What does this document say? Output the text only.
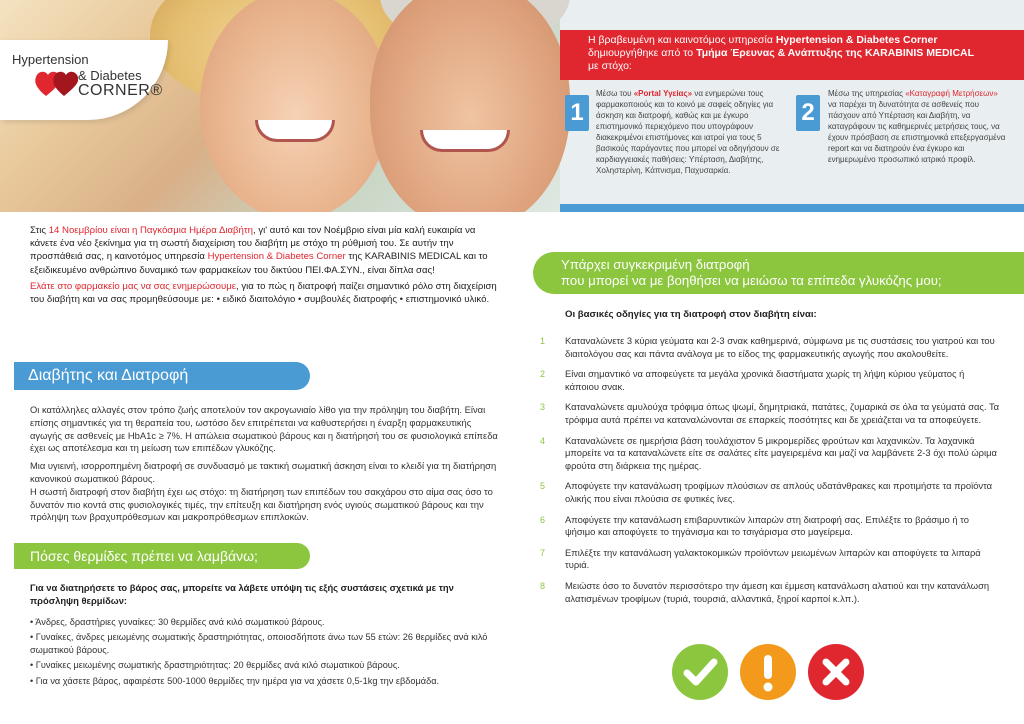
Hypertension
& Diabetes
CORNER®
Η βραβευμένη και καινοτόμος υπηρεσία Hypertension & Diabetes Corner
δημιουργήθηκε από το Τμήμα Έρευνας & Ανάπτυξης της KARABINIS MEDICAL
με στόχο:
1
Μέσω του «Portal Υγείας» να ενημερώνει τους φαρμακοποιούς και το κοινό με σαφείς οδηγίες για άσκηση και διατροφή, καθώς και με έγκυρο επιστημονικό περιεχόμενο που υπογράφουν διακεκριμένοι επιστήμονες και ιατροί για τους 5 βασικούς παράγοντες που μπορεί να οδηγήσουν σε καρδιαγγειακές παθήσεις: Υπέρταση, Διαβήτης, Χοληστερίνη, Κάπνισμα, Παχυσαρκία.
2
Μέσω της υπηρεσίας «Καταγραφή Μετρήσεων» να παρέχει τη δυνατότητα σε ασθενείς που πάσχουν από Υπέρταση και Διαβήτη, να καταγράφουν τις καθημερινές μετρήσεις τους, να έχουν πρόσβαση σε επιστημονικά επεξεργασμένα report και να διατηρούν ένα έγκυρο και ενημερωμένο προσωπικό ιατρικό προφίλ.

Στις 14 Νοεμβρίου είναι η Παγκόσμια Ημέρα Διαβήτη, γι' αυτό και τον Νοέμβριο είναι μία καλή ευκαιρία να κάνετε ένα νέο ξεκίνημα για τη σωστή διαχείριση του διαβήτη με στόχο τη ρύθμισή του. Σε αυτήν την προσπάθειά σας, η καινοτόμος υπηρεσία Hypertension & Diabetes Corner της KARABINIS MEDICAL και το εξειδικευμένο ανθρώπινο δυναμικό των φαρμακείων του δικτύου ΠΕΙ.ΦΑ.ΣΥΝ., είναι δίπλα σας!

Ελάτε στο φαρμακείο μας να σας ενημερώσουμε, για το πώς η διατροφή παίζει σημαντικό ρόλο στη διαχείριση του διαβήτη και να σας προμηθεύσουμε με: • ειδικό διαιτολόγιο • συμβουλές διατροφής • επιστημονικό υλικό.

Διαβήτης και Διατροφή

Οι κατάλληλες αλλαγές στον τρόπο ζωής αποτελούν τον ακρογωνιαίο λίθο για την πρόληψη του διαβήτη. Είναι επίσης σημαντικές για τη θεραπεία του, ωστόσο δεν επιτρέπεται να καθυστερήσει η έναρξη φαρμακευτικής αγωγής σε ασθενείς με HbA1c ≥ 7%. Η απώλεια σωματικού βάρους και η διατήρησή του σε φυσιολογικά επίπεδα έχει ως αποτέλεσμα και τη μείωση των επιπέδων γλυκόζης.

Μια υγιεινή, ισορροπημένη διατροφή σε συνδυασμό με τακτική σωματική άσκηση είναι το κλειδί για τη διατήρηση κανονικού σωματικού βάρους.

Η σωστή διατροφή στον διαβήτη έχει ως στόχο: τη διατήρηση των επιπέδων του σακχάρου στο αίμα σας όσο το δυνατόν πιο κοντά στις φυσιολογικές τιμές, την επίτευξη και διατήρηση ενός υγιούς σωματικού βάρους και την πρόληψη των βραχυπρόθεσμων και μακροπρόθεσμων επιπλοκών.

Πόσες θερμίδες πρέπει να λαμβάνω;
Για να διατηρήσετε το βάρος σας, μπορείτε να λάβετε υπόψη τις εξής συστάσεις σχετικά με την πρόσληψη θερμίδων:
• Άνδρες, δραστήριες γυναίκες: 30 θερμίδες ανά κιλό σωματικού βάρους.
• Γυναίκες, άνδρες μειωμένης σωματικής δραστηριότητας, οποιοσδήποτε άνω των 55 ετών: 26 θερμίδες ανά κιλό σωματικού βάρους.
• Γυναίκες μειωμένης σωματικής δραστηριότητας: 20 θερμίδες ανά κιλό σωματικού βάρους.
• Για να χάσετε βάρος, αφαιρέστε 500-1000 θερμίδες την ημέρα για να χάσετε 0,5-1kg την εβδομάδα.
Υπάρχει συγκεκριμένη διατροφή
που μπορεί να με βοηθήσει να μειώσω τα επίπεδα γλυκόζης μου;
Οι βασικές οδηγίες για τη διατροφή στον διαβήτη είναι:
1	Καταναλώνετε 3 κύρια γεύματα και 2-3 σνακ καθημερινά, σύμφωνα με τις συστάσεις του γιατρού και του διαιτολόγου σας και πάντα ανάλογα με το είδος της φαρμακευτικής αγωγής που ακολουθείτε.
2	Είναι σημαντικό να αποφεύγετε τα μεγάλα χρονικά διαστήματα χωρίς τη λήψη κύριου γεύματος ή κάποιου σνακ.
3	Καταναλώνετε αμυλούχα τρόφιμα όπως ψωμί, δημητριακά, πατάτες, ζυμαρικά σε όλα τα γεύματά σας. Τα τρόφιμα αυτά πρέπει να καταναλώνονται σε επαρκείς ποσότητες και δε χρειάζεται να τα αποφεύγετε.
4	Καταναλώνετε σε ημερήσια βάση τουλάχιστον 5 μικρομερίδες φρούτων και λαχανικών. Τα λαχανικά μπορείτε να τα καταναλώνετε είτε σε σαλάτες είτε μαγειρεμένα και μαζί να λαμβάνετε 2-3 όχι πολύ ώριμα φρούτα στη διάρκεια της ημέρας.
5	Αποφύγετε την κατανάλωση τροφίμων πλούσιων σε απλούς υδατάνθρακες και προτιμήστε τα προϊόντα ολικής που είναι πλούσια σε φυτικές ίνες.
6	Αποφύγετε την κατανάλωση επιβαρυντικών λιπαρών στη διατροφή σας. Επιλέξτε το βράσιμο ή το ψήσιμο και αποφύγετε το τηγάνισμα και το τσιγάρισμα στο μαγείρεμα.
7	Επιλέξτε την κατανάλωση γαλακτοκομικών προϊόντων μειωμένων λιπαρών και αποφύγετε τα λιπαρά τυριά.
8	Μειώστε όσο το δυνατόν περισσότερο την άμεση και έμμεση κατανάλωση αλατιού και την κατανάλωση αλατισμένων τροφίμων (τυριά, τουρσιά, αλλαντικά, ξηροί καρποί κ.λπ.).
